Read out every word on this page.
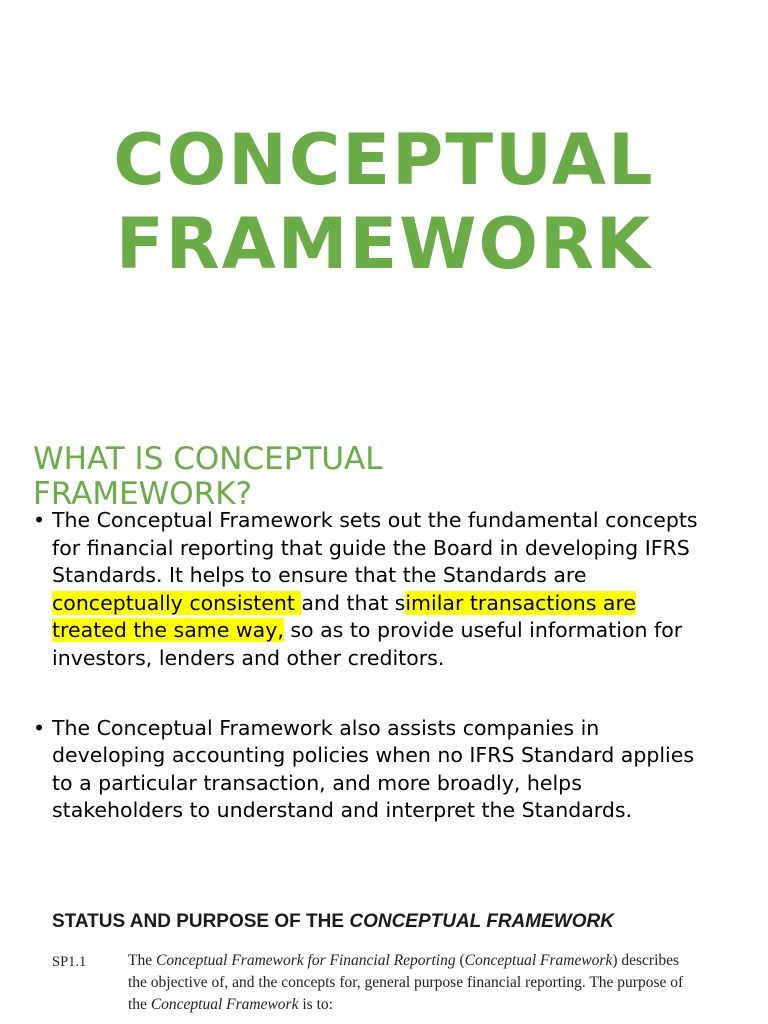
CONCEPTUAL
FRAMEWORK
WHAT IS CONCEPTUAL
FRAMEWORK?
• The Conceptual Framework sets out the fundamental concepts for financial reporting that guide the Board in developing IFRS Standards. It helps to ensure that the Standards are conceptually consistent and that similar transactions are treated the same way, so as to provide useful information for investors, lenders and other creditors.
• The Conceptual Framework also assists companies in developing accounting policies when no IFRS Standard applies to a particular transaction, and more broadly, helps stakeholders to understand and interpret the Standards.
STATUS AND PURPOSE OF THE CONCEPTUAL FRAMEWORK
SP1.1	The Conceptual Framework for Financial Reporting (Conceptual Framework) describes the objective of, and the concepts for, general purpose financial reporting. The purpose of the Conceptual Framework is to:
